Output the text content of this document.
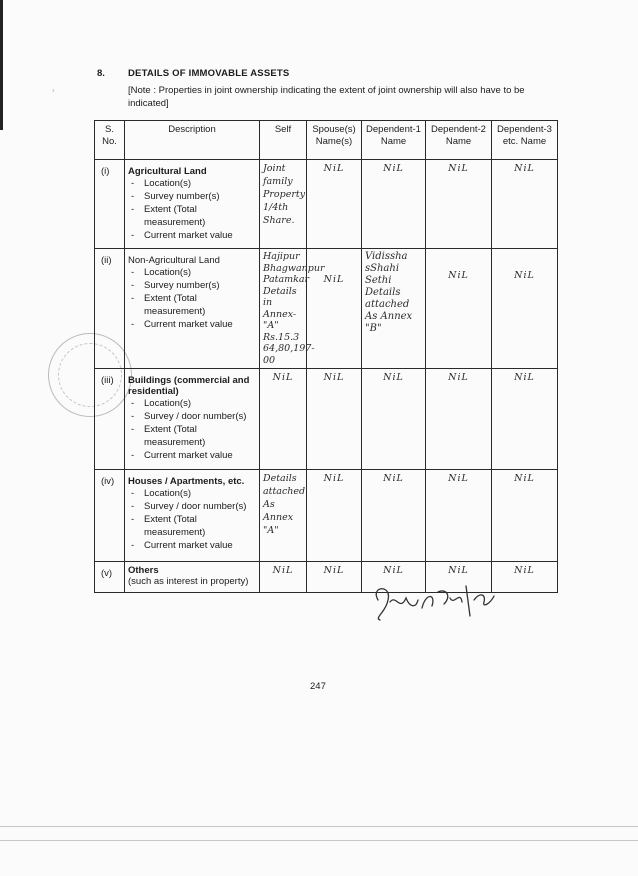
’
8. DETAILS OF IMMOVABLE ASSETS
[Note : Properties in joint ownership indicating the extent of joint ownership will also have to be indicated]
S. No.	Description	Self	Spouse(s) Name(s)	Dependent-1 Name	Dependent-2 Name	Dependent-3 etc. Name
(i)	Agricultural Land
- Location(s)
- Survey number(s)
- Extent (Total measurement)
- Current market value	Joint family Property 1/4th Share.	NiL	NiL	NiL	NiL
(ii)	Non-Agricultural Land
- Location(s)
- Survey number(s)
- Extent (Total measurement)
- Current market value	Hajipur Bhagwanpur Patamkar Details in Annex-"A" Rs.15.3 64,80,197-00	NiL	Vidissha sShahi Sethi Details attached As Annex "B"	NiL	NiL
(iii)	Buildings (commercial and residential)
- Location(s)
- Survey / door number(s)
- Extent (Total measurement)
- Current market value	NiL	NiL	NiL	NiL	NiL
(iv)	Houses / Apartments, etc.
- Location(s)
- Survey / door number(s)
- Extent (Total measurement)
- Current market value	Details attached As Annex "A"	NiL	NiL	NiL	NiL
(v)	Others
(such as interest in property)	NiL	NiL	NiL	NiL	NiL
247
